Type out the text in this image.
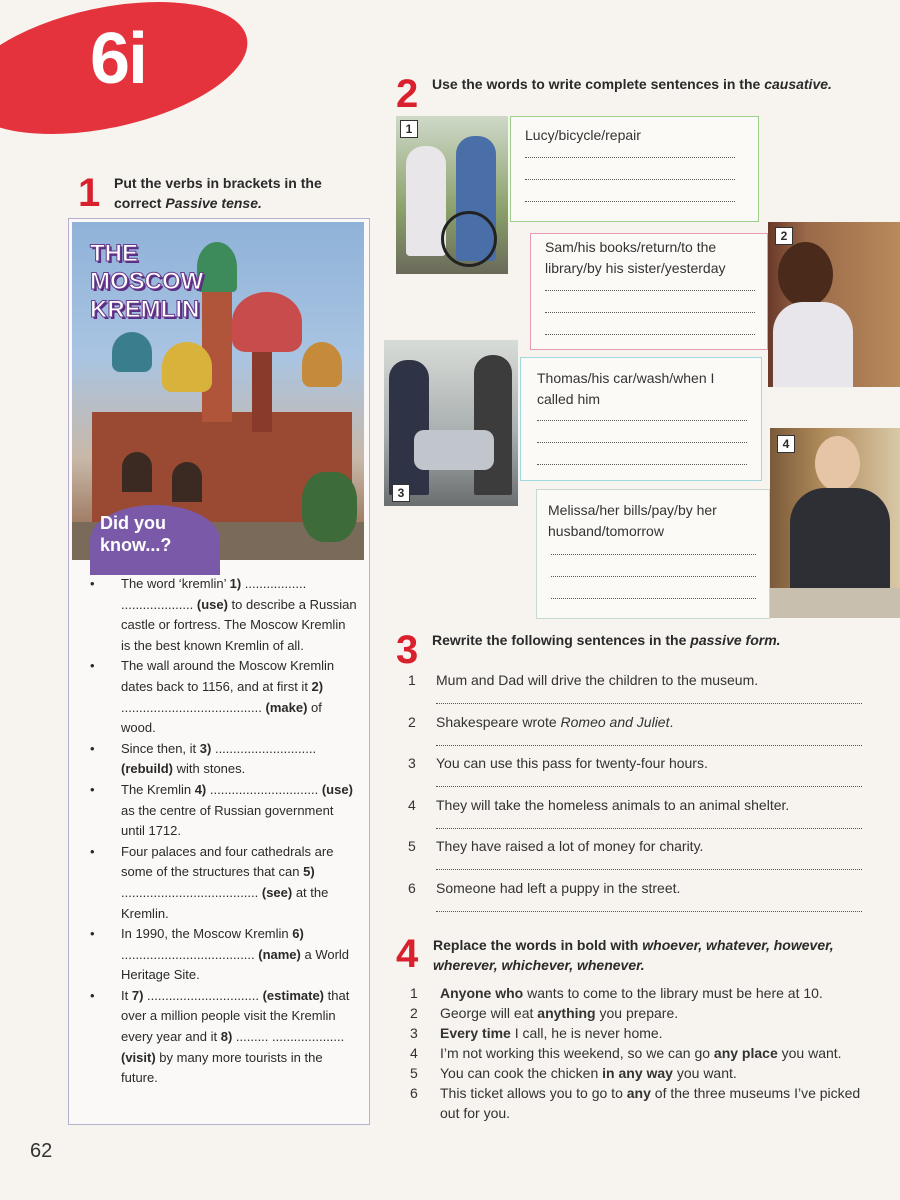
6i
1 Put the verbs in brackets in the
correct Passive tense.
THE
MOSCOW
KREMLIN
Did you
know...?
• The word ‘kremlin’ 1) .................
.................... (use) to describe a Russian castle or fortress. The Moscow Kremlin is the best known Kremlin of all.
• The wall around the Moscow Kremlin dates back to 1156, and at first it 2) ....................................... (make) of wood.
• Since then, it 3) ............................ (rebuild) with stones.
• The Kremlin 4) .............................. (use) as the centre of Russian government until 1712.
• Four palaces and four cathedrals are some of the structures that can 5) ...................................... (see) at the Kremlin.
• In 1990, the Moscow Kremlin 6) ..................................... (name) a World Heritage Site.
• It 7) ............................... (estimate) that over a million people visit the Kremlin every year and it 8) ......... .................... (visit) by many more tourists in the future.
2 Use the words to write complete sentences in the causative.
1	Lucy/bicycle/repair
Sam/his books/return/to the library/by his sister/yesterday
2
3
Thomas/his car/wash/when I called him
4
Melissa/her bills/pay/by her husband/tomorrow
3 Rewrite the following sentences in the passive form.
1	Mum and Dad will drive the children to the museum.
2	Shakespeare wrote Romeo and Juliet.
3	You can use this pass for twenty-four hours.
4	They will take the homeless animals to an animal shelter.
5	They have raised a lot of money for charity.
6	Someone had left a puppy in the street.
4 Replace the words in bold with whoever, whatever, however, wherever, whichever, whenever.
1	Anyone who wants to come to the library must be here at 10.
2	George will eat anything you prepare.
3	Every time I call, he is never home.
4	I’m not working this weekend, so we can go any place you want.
5	You can cook the chicken in any way you want.
6	This ticket allows you to go to any of the three museums I’ve picked out for you.
62
